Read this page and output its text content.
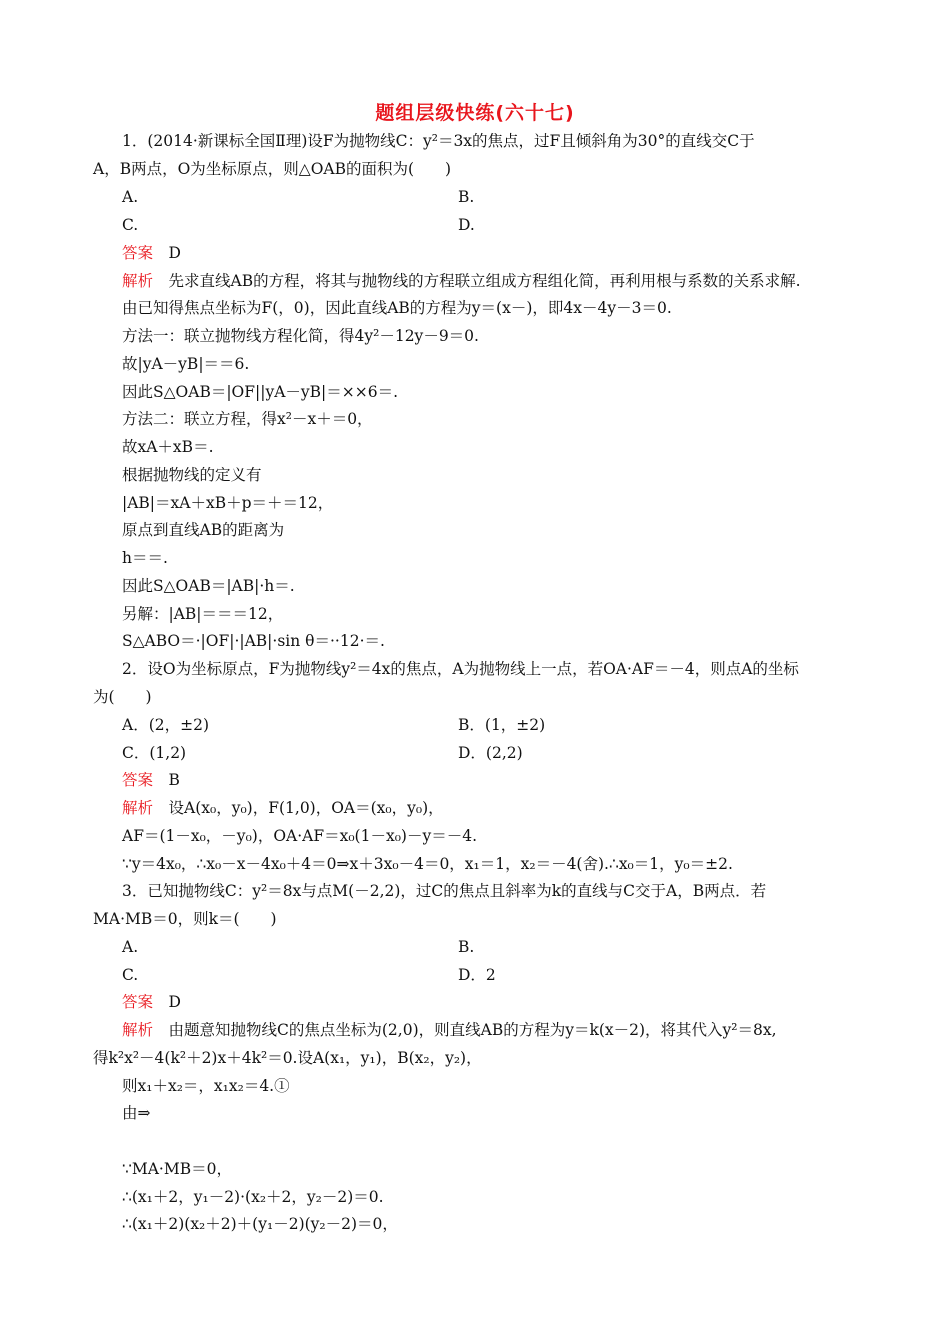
题组层级快练(六十七)
1．(2014·新课标全国Ⅱ理)设F为抛物线C：y²＝3x的焦点，过F且倾斜角为30°的直线交C于
A，B两点，O为坐标原点，则△OAB的面积为(　　)
A.	B.
C.	D.
答案　D
解析　先求直线AB的方程，将其与抛物线的方程联立组成方程组化简，再利用根与系数的关系求解.
由已知得焦点坐标为F(，0)，因此直线AB的方程为y＝(x－)，即4x－4y－3＝0.
方法一：联立抛物线方程化简，得4y²－12y－9＝0.
故|yA－yB|＝＝6.
因此S△OAB＝|OF||yA－yB|＝××6＝.
方法二：联立方程，得x²－x＋＝0，
故xA＋xB＝.
根据抛物线的定义有
|AB|＝xA＋xB＋p＝＋＝12，
原点到直线AB的距离为
h＝＝.
因此S△OAB＝|AB|·h＝.
另解：|AB|＝＝＝12，
S△ABO＝·|OF|·|AB|·sin θ＝··12·＝.
2．设O为坐标原点，F为抛物线y²＝4x的焦点，A为抛物线上一点，若OA·AF＝－4，则点A的坐标
为(　　)
A．(2，±2)	B．(1，±2)
C．(1,2)	D．(2,2)
答案　B
解析　设A(x₀，y₀)，F(1,0)，OA＝(x₀，y₀)，
AF＝(1－x₀，－y₀)，OA·AF＝x₀(1－x₀)－y＝－4.
∵y＝4x₀，∴x₀－x－4x₀＋4＝0⇒x＋3x₀－4＝0，x₁＝1，x₂＝－4(舍).∴x₀＝1，y₀＝±2.
3．已知抛物线C：y²＝8x与点M(－2,2)，过C的焦点且斜率为k的直线与C交于A，B两点．若
MA·MB＝0，则k＝(　　)
A.	B.
C.	D．2
答案　D
解析　由题意知抛物线C的焦点坐标为(2,0)，则直线AB的方程为y＝k(x－2)，将其代入y²＝8x,
得k²x²－4(k²＋2)x＋4k²＝0.设A(x₁，y₁)，B(x₂，y₂)，
则x₁＋x₂＝，x₁x₂＝4.①
由⇒
∵MA·MB＝0，
∴(x₁＋2，y₁－2)·(x₂＋2，y₂－2)＝0.
∴(x₁＋2)(x₂＋2)＋(y₁－2)(y₂－2)＝0，
